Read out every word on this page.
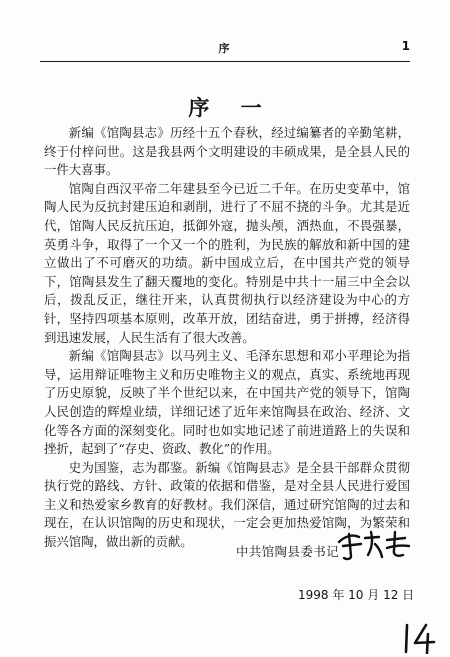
序	1
序 一

新编《馆陶县志》历经十五个春秋，经过编纂者的辛勤笔耕，终于付梓问世。这是我县两个文明建设的丰硕成果，是全县人民的一件大喜事。

馆陶自西汉平帝二年建县至今已近二千年。在历史变革中，馆陶人民为反抗封建压迫和剥削，进行了不屈不挠的斗争。尤其是近代，馆陶人民反抗压迫，抵御外寇，抛头颅，洒热血，不畏强暴，英勇斗争，取得了一个又一个的胜利，为民族的解放和新中国的建立做出了不可磨灭的功绩。新中国成立后，在中国共产党的领导下，馆陶县发生了翻天覆地的变化。特别是中共十一届三中全会以后，拨乱反正，继往开来，认真贯彻执行以经济建设为中心的方针，坚持四项基本原则，改革开放，团结奋进，勇于拼搏，经济得到迅速发展，人民生活有了很大改善。

新编《馆陶县志》以马列主义、毛泽东思想和邓小平理论为指导，运用辩证唯物主义和历史唯物主义的观点，真实、系统地再现了历史原貌，反映了半个世纪以来，在中国共产党的领导下，馆陶人民创造的辉煌业绩，详细记述了近年来馆陶县在政治、经济、文化等各方面的深刻变化。同时也如实地记述了前进道路上的失误和挫折，起到了“存史、资政、教化”的作用。

史为国鉴，志为郡鉴。新编《馆陶县志》是全县干部群众贯彻执行党的路线、方针、政策的依据和借鉴，是对全县人民进行爱国主义和热爱家乡教育的好教材。我们深信，通过研究馆陶的过去和现在，在认识馆陶的历史和现状，一定会更加热爱馆陶，为繁荣和振兴馆陶，做出新的贡献。

中共馆陶县委书记
1998 年 10 月 12 日
